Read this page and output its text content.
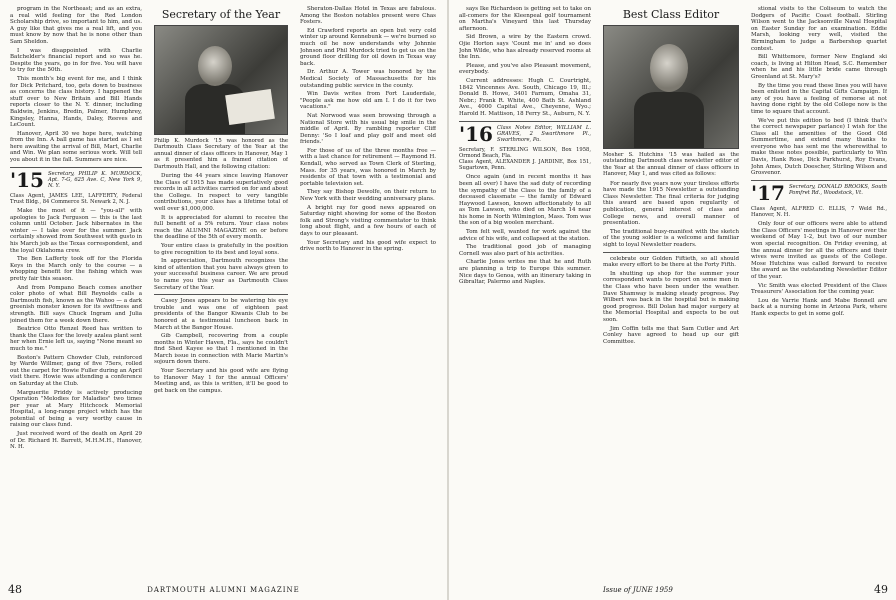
program in the Northeast; and as an extra, a real wild feeling for the Red London Scholarship drive, so important to him, and us. A guy like that gives me a real lift, and you must know by now that he is none other than Sam Sheldon.

I was disappointed with Charlie Batchelder's financial report and so was he. Despite the years, go in for five. You will have to try for the 50th.

This month's big event for me, and I think for Dick Pritchard, too, gets down to business as concerns the class history. I happened the stuff over to New Britain and Bill Hands reports closer to the N. Y. dinner, including Baldwin, Jenkins, Bredin, Palmer, Humphrey, Kingsley, Hanna, Hands, Daley, Reeves and LeCount.

Hanover, April 30 we hope here, watching from the Inn. A ball game has started as I set here awaiting the arrival of Bill, Mart, Charlie and Win. We plan some serious work. Will tell you about it in the fall. Summers are nice.

'15 Secretary, PHILIP K. MURDOCK, Apt. 7-G, 625 Ave. C, New York 9, N. Y.
Class Agent, JAMES LEE, LAFFERTY, Federal Trust Bldg., 84 Commerce St. Newark 2, N. J.

Make the most of it — "you-all" with apologies to Jack Ferguson — this is the last column until October. Jack hibernates in the winter — I take over for the summer. Jack certainly showed from Southwest with gusto in his March job as the Texas correspondent, and the loyal Oklahoma crew.

The Ben Lafferty took off for the Florida Keys in the March only to the course — a whopping benefit for the fishing which was pretty fair this season.

And from Pompano Beach comes another color photo of what Bill Reynolds calls a Dartmouth fish, known as the Wahoo — a dark greenish monster known for its swiftness and strength. Bill says Chuck Ingram and Julia joined them for a week down there.

Beatrice Otto Renzel Reed has written to thank the Class for the lovely azalea plant sent her when Ernie left us, saying "None meant so much to me."

Boston's Pattern Chowder Club, reinforced by Warde Willmer, gang of five 75ers, rolled out the carpet for Howie Fuller during an April visit there. Howie was attending a conference on Saturday at the Club.

Marguerite Priddy is actively producing Operation "Melodies for Maladies" two times per year at Mary Hitchcock Memorial Hospital, a long-range project which has the potential of being a very worthy cause in raising our class fund.

Just received word of the death on April 29 of Dr. Richard H. Barrett, M.H.M.H., Hanover, N. H.

Secretary of the Year
Philip K. Murdock '15 was honored as the Dartmouth Class Secretary of the Year at the annual dinner of class officers in Hanover, May 1 as it presented him a framed citation of Dartmouth Hall, and the following citation:

During the 44 years since leaving Hanover the Class of 1915 has made superlatively good records in all activities carried on for and about the College. In respect to very tangible contributions, your class has a lifetime total of well over $1,000,000.

It is appreciated for alumni to receive the full benefit of a 5% return. Your class notes reach the ALUMNI MAGAZINE on or before the deadline of the 5th of every month.

Your entire class is gratefully in the position to give recognition to its best and loyal sons.

In appreciation, Dartmouth recognizes the kind of attention that you have always given to your successful business career. We are proud to name you this year as Dartmouth Class Secretary of the Year.

Casey Jones appears to be watering his eye trouble and was one of eighteen past presidents of the Bangor Kiwanis Club to be honored at a testimonial luncheon back in March at the Bangor House.

Gib Campbell, recovering from a couple months in Winter Haven, Fla., says he couldn't find Shed Kayee so that I mentioned in the March issue in connection with Marie Martin's sojourn down there.

Your Secretary and his good wife are flying to Hanover May 1 for the annual Officers' Meeting and, as this is written, it'll be good to get back on the campus.

Sheraton-Dallas Hotel in Texas are fabulous. Among the Boston notables present were Chas Fosters.

Ed Crawford reports an open but very cold winter up around Kennebunk — we're burned so much oil he now understands why Johnnie Johnson and Phil Murdock tried to get us on the ground floor drilling for oil down in Texas way back.

Dr. Arthur A. Tower was honored by the Medical Society of Massachusetts for his outstanding public service in the county.

Win Davis writes from Fort Lauderdale, "People ask me how old am I. I do it for two vacations."

Nat Norwood was seen browsing through a National Store with his usual big smile in the middle of April. By rambling reporter Cliff Denny: 'So I loaf and play golf and meet old friends.'

For those of us of the three months free — with a last chance for retirement — Raymond H. Kendall, who served as Town Clerk of Sterling, Mass. for 35 years, was honored in March by residents of that town with a testimonial and portable television set.

They say Bishop Dewolfe, on their return to New York with their wedding anniversary plans.

A bright ray for good news appeared on Saturday night showing for some of the Boston folk and Strong's visiting commentator to think long about flight, and a few hours of each of days to our pleasant.

Your Secretary and his good wife expect to drive north to Hanover in the spring.

48	DARTMOUTH ALUMNI MAGAZINE

says Ike Richardson is getting set to take on all-comers for the Kleenpeal golf tournament on Martha's Vineyard this last Thursday afternoon.

Sid Brown, a wire by the Eastern crowd. Ojie Horton says 'Count me in' and so does John Wilde, who has already reserved rooms at the Inn.

Please, and you've also Pleasant movement, everybody.

Current addresses: Hugh C. Courtright, 1842 Vincennes Ave. South, Chicago 19, Ill.; Donald B. Howe, 3401 Farnum, Omaha 31, Nebr.; Frank R. White, 400 Bath St. Ashland Ave., 4000 Capital Ave., Cheyenne, Wyo.; Harold H. Mattison, 18 Ferry St., Auburn, N. Y.

'16 Class Notes Editor, WILLIAM L. GRAVES, 2 Swarthmore Pl., Swarthmore, Pa.
Secretary, F. STERLING WILSON, Box 1958, Ormond Beach, Fla.
Class Agent, ALEXANDER J. JARDINE, Box 151, Sugartown, Penn.

Once again (and in recent months it has been all over) I have the sad duty of recording the sympathy of the Class to the family of a deceased classmate — the family of Edward Haywood Lawson, known affectionately to all as Tom Lawson, who died on March 14 near his home in North Wilmington, Mass. Tom was the son of a big woolen merchant.

Tom felt well, wanted for work against the advice of his wife, and collapsed at the station.

The traditional good job of managing Cornell was also part of his activities.

Charlie Jones writes me that he and Ruth are planning a trip to Europe this summer. Nice days to Genoa, with an itinerary taking in Gibraltar, Palermo and Naples.

Best Class Editor
Mosher S. Hutchins '15 was hailed as the outstanding Dartmouth class newsletter editor of the Year at the annual dinner of class officers in Hanover, May 1, and was cited as follows:

For nearly five years now your tireless efforts have made the 1915 Newsletter a outstanding Class Newsletter. The final criteria for judging this award are based upon regularity of publication, general interest of class and College news, and overall manner of presentation.

The traditional busy-manifest with the sketch of the young soldier is a welcome and familiar sight to loyal Newsletter readers.

celebrate our Golden Fiftieth, so all should make every effort to be there at the Forty Fifth.

In shutting up shop for the summer your correspondent wants to report on some men in the Class who have been under the weather. Dave Shamway is making steady progress. Pay Wilbert was back in the hospital but is making good progress. Bill Dolan had major surgery at the Memorial Hospital and expects to be out soon.

Jim Coffin tells me that Sam Cutler and Art Conley have agreed to head up our gift Committee.

stional visits to the Coliseum to watch the Dodgers of Pacific Coast football. Stirling Wilson went to the Jacksonville Naval Hospital on Easter Sunday for an examination. Eddie Marsh, looking very well, visited the Birmingham to judge a Barbershop quartet contest.

Bill Whittemore, former New England ski coach, is living at Hilton Head, S.C. Remember when he and his little bride came through Greenland at St. Mary's?

By the time you read these lines you will have been enlisted in the Capital Gifts Campaign. If any of you have a feeling of remorse at not having done right by the old College now is the time to square that account.

We've put this edition to bed (I think that's the correct newspaper parlance) I wish for the Class all the amenities of the Good Old Summertime, and extend many thanks to everyone who has sent me the wherewithal to make these notes possible, particularly to Win Davis, Hank Rose, Dick Parkhurst, Roy Evans, John Ames, Dutch Doescher, Stirling Wilson and Grosvenor.

'17 Secretary, DONALD BROOKS, South Pomfret Rd., Woodstock, Vt.
Class Agent, ALFRED C. ELLIS, 7 Weld Rd., Hanover, N. H.

Only four of our officers were able to attend the Class Officers' meetings in Hanover over the weekend of May 1-2, but two of our number won special recognition. On Friday evening, at the annual dinner for all the officers and their wives were invited as guests of the College. Mose Hutchins was called forward to receive the award as the outstanding Newsletter Editor of the year.

Vic Smith was elected President of the Class Treasurers' Association for the coming year.

Lou de Varrie Hank and Mabe Bonnell are back at a nursing home in Arizona Park, where Hank expects to get in some golf.

Issue of JUNE 1959	49
